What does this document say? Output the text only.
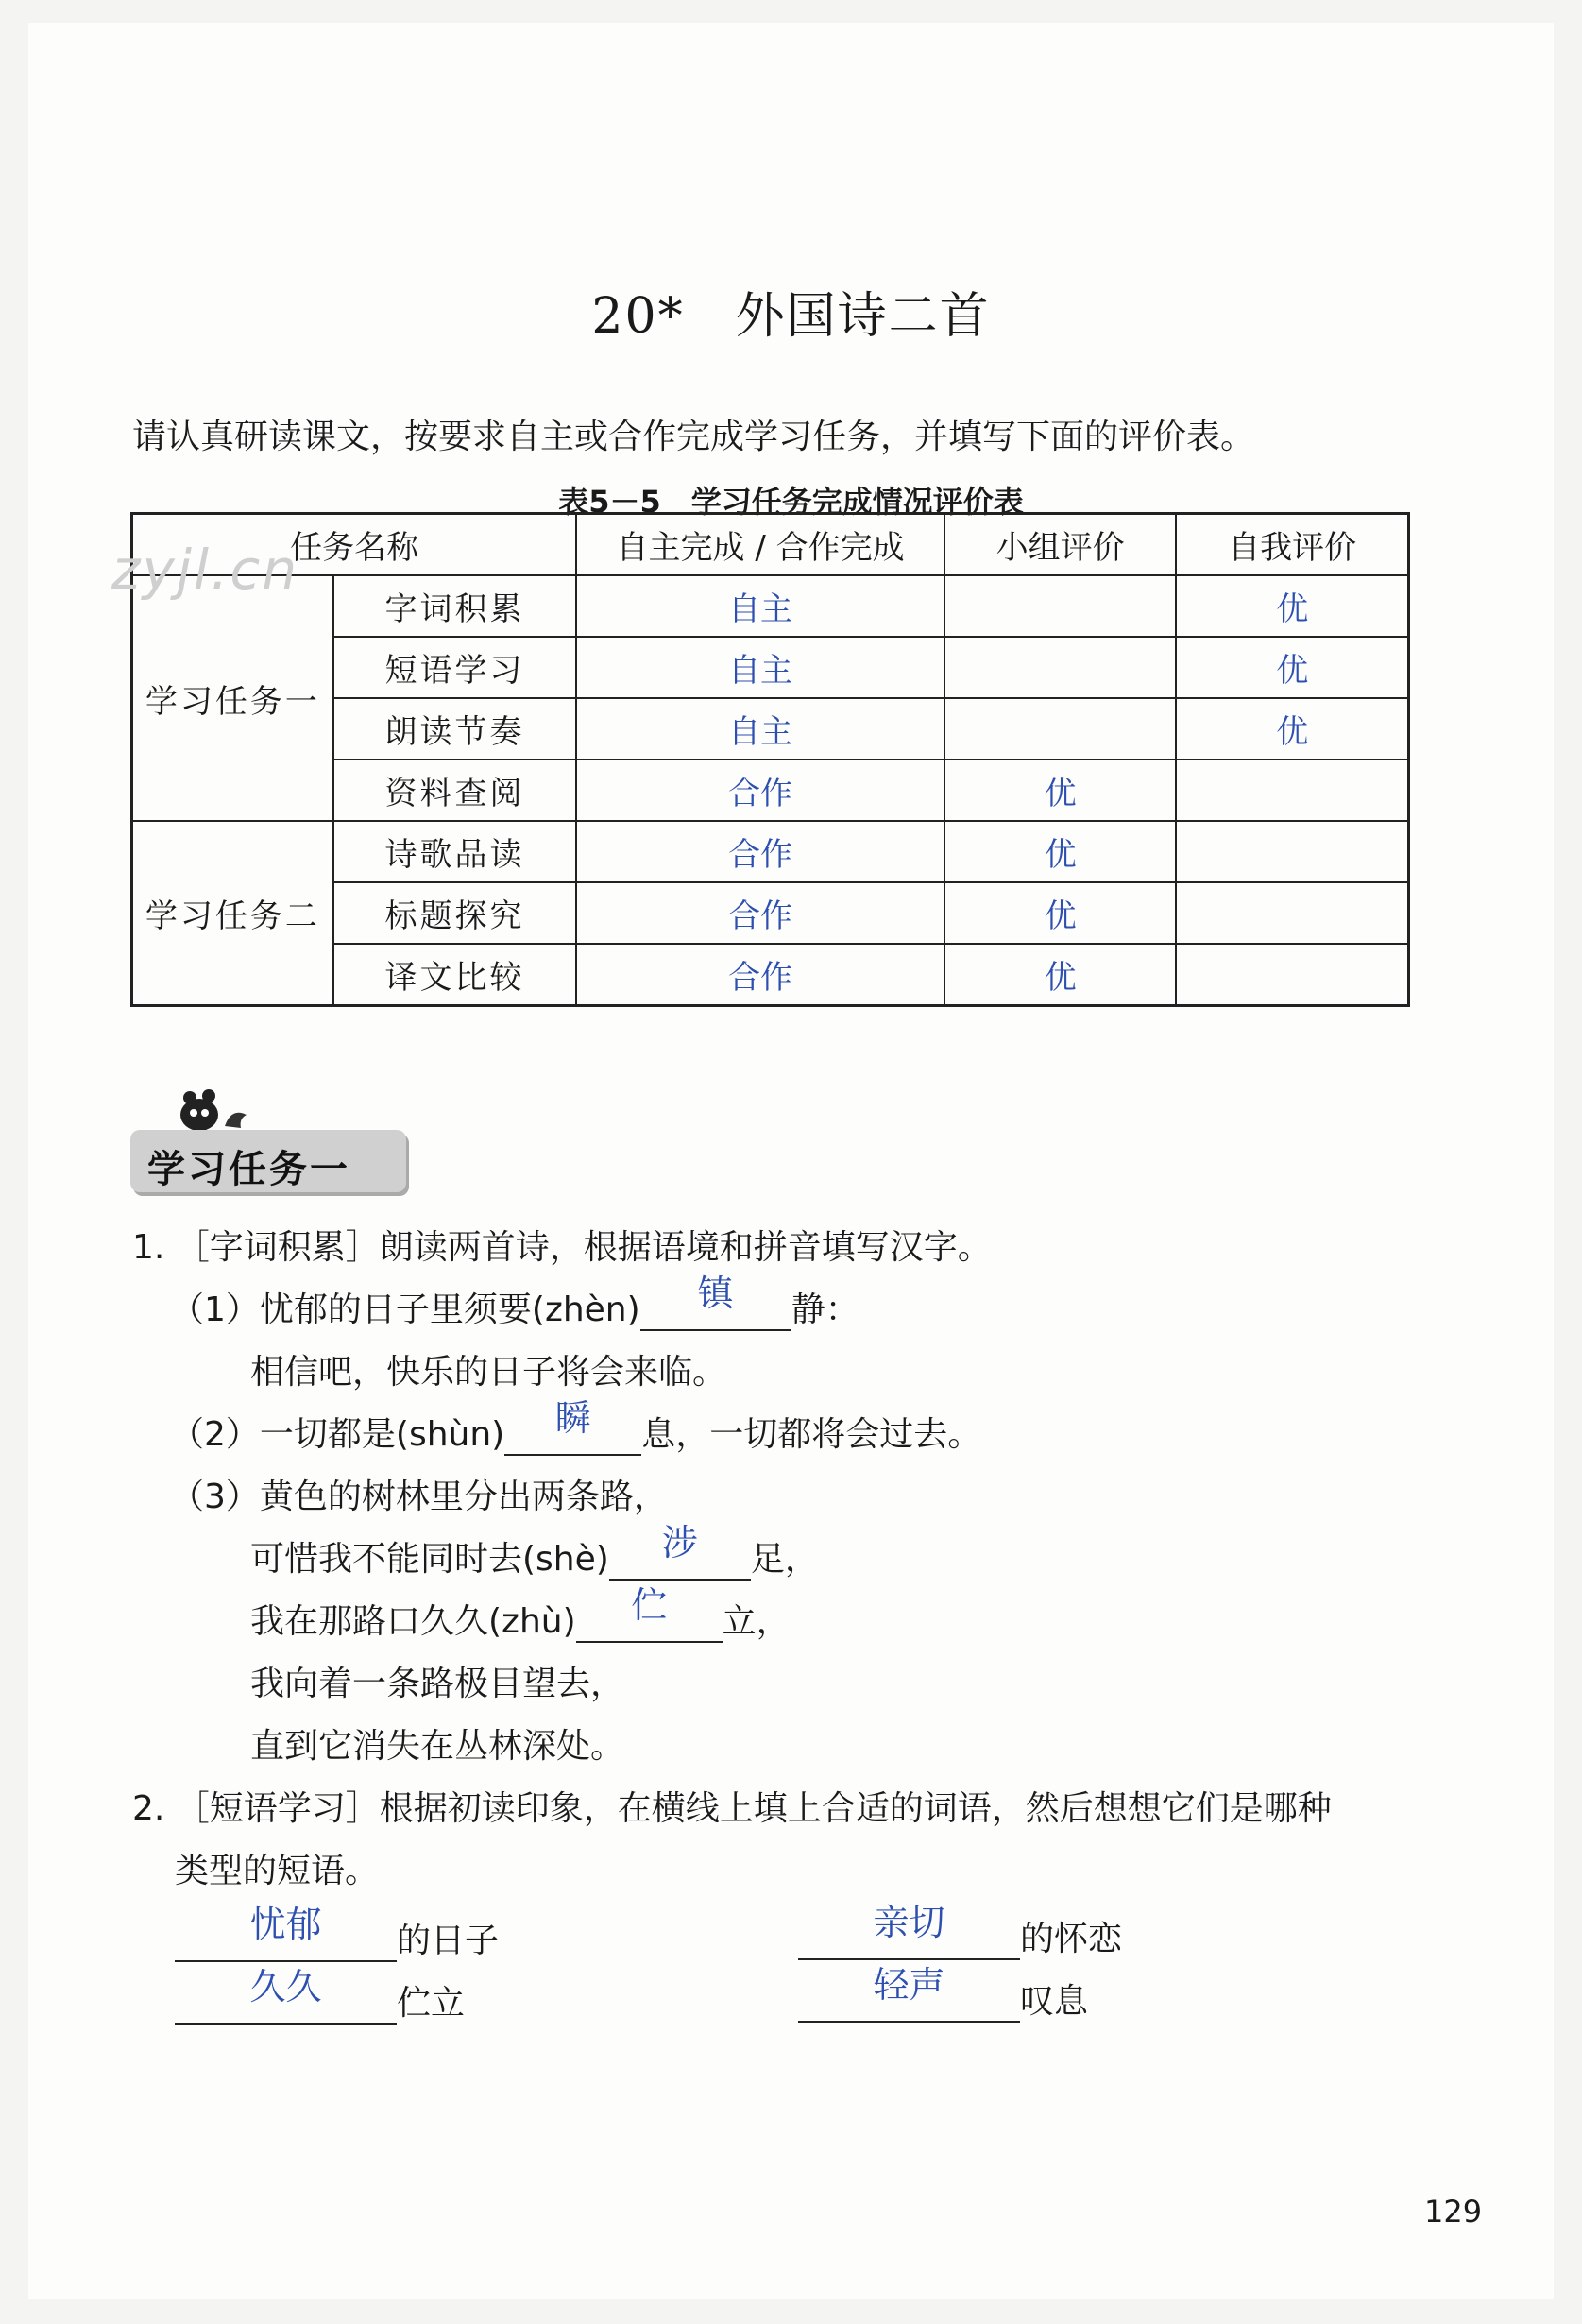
20*　外国诗二首
请认真研读课文，按要求自主或合作完成学习任务，并填写下面的评价表。
表5－5　学习任务完成情况评价表
任务名称		自主完成 / 合作完成	小组评价	自我评价
学习任务一	字词积累	自主		优
	短语学习	自主		优
	朗读节奏	自主		优
	资料查阅	合作	优	
学习任务二	诗歌品读	合作	优	
	标题探究	合作	优	
	译文比较	合作	优	
zyjl.cn
学习任务一
1. ［字词积累］朗读两首诗，根据语境和拼音填写汉字。
（1）忧郁的日子里须要(zhèn)	镇	静：
相信吧，快乐的日子将会来临。
（2）一切都是(shùn)	瞬	息，一切都将会过去。
（3）黄色的树林里分出两条路，
可惜我不能同时去(shè)	涉	足，
我在那路口久久(zhù)	伫	立，
我向着一条路极目望去，
直到它消失在丛林深处。
2. ［短语学习］根据初读印象，在横线上填上合适的词语，然后想想它们是哪种
类型的短语。
忧郁	的日子	亲切	的怀恋
久久	伫立	轻声	叹息
129
